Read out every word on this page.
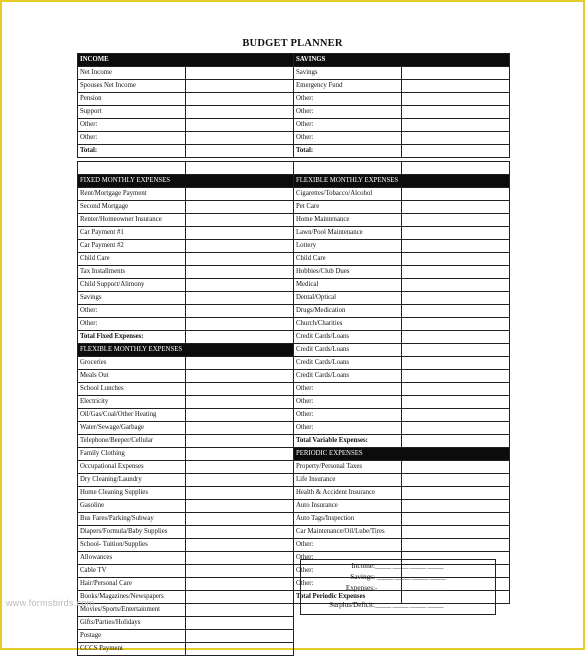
BUDGET PLANNER
INCOME		SAVINGS	
Net Income		Savings	
Spouses Net Income		Emergency Fund	
Pension		Other:	
Support		Other:	
Other:		Other:	
Other:		Other:	
Total:		Total:	

FIXED MONTHLY EXPENSES		FLEXIBLE MONTHLY EXPENSES	
Rent/Mortgage Payment		Cigarettes/Tobacco/Alcohol	
Second Mortgage		Pet Care	
Renter/Homeowner Insurance		Home Maintenance	
Car Payment #1		Lawn/Pool Maintenance	
Car Payment #2		Lottery	
Child Care		Child Care	
Tax Installments		Hobbies/Club Dues	
Child Support/Alimony		Medical	
Savings		Dental/Optical	
Other:		Drugs/Medication	
Other:		Church/Charities	
Total Fixed Expenses:		Credit Cards/Loans	
FLEXIBLE MONTHLY EXPENSES		Credit Cards/Loans	
Groceries		Credit Cards/Loans	
Meals Out		Credit Cards/Loans	
School Lunches		Other:	
Electricity		Other:	
Oil/Gas/Coal/Other Heating		Other:	
Water/Sewage/Garbage		Other:	
Telephone/Beeper/Cellular		Total Variable Expenses:	
Family Clothing		PERIODIC EXPENSES	
Occupational Expenses		Property/Personal Taxes	
Dry Cleaning/Laundry		Life Insurance	
Home Cleaning Supplies		Health & Accident Insurance	
Gasoline		Auto Insurance	
Bus Fares/Parking/Subway		Auto Tags/Inspection	
Diapers/Formula/Baby Supplies		Car Maintenance/Oil/Lube/Tires	
School- Tuition/Supplies		Other:	
Allowances		Other:	
Cable TV		Other:	
Hair/Personal Care		Other:	
Books/Magazines/Newspapers		Total Periodic Expenses	
Movies/Sports/Entertainment			
Gifts/Parties/Holidays			
Postage			
CCCS Payment			
Income: _____ _____ _____ _____
Savings: -_____ _____ _____ _____
Expenses: -_____ _____ _____ _____
Surplus/Deficit: _____ _____ _____ _____
www.formsbirds.com
